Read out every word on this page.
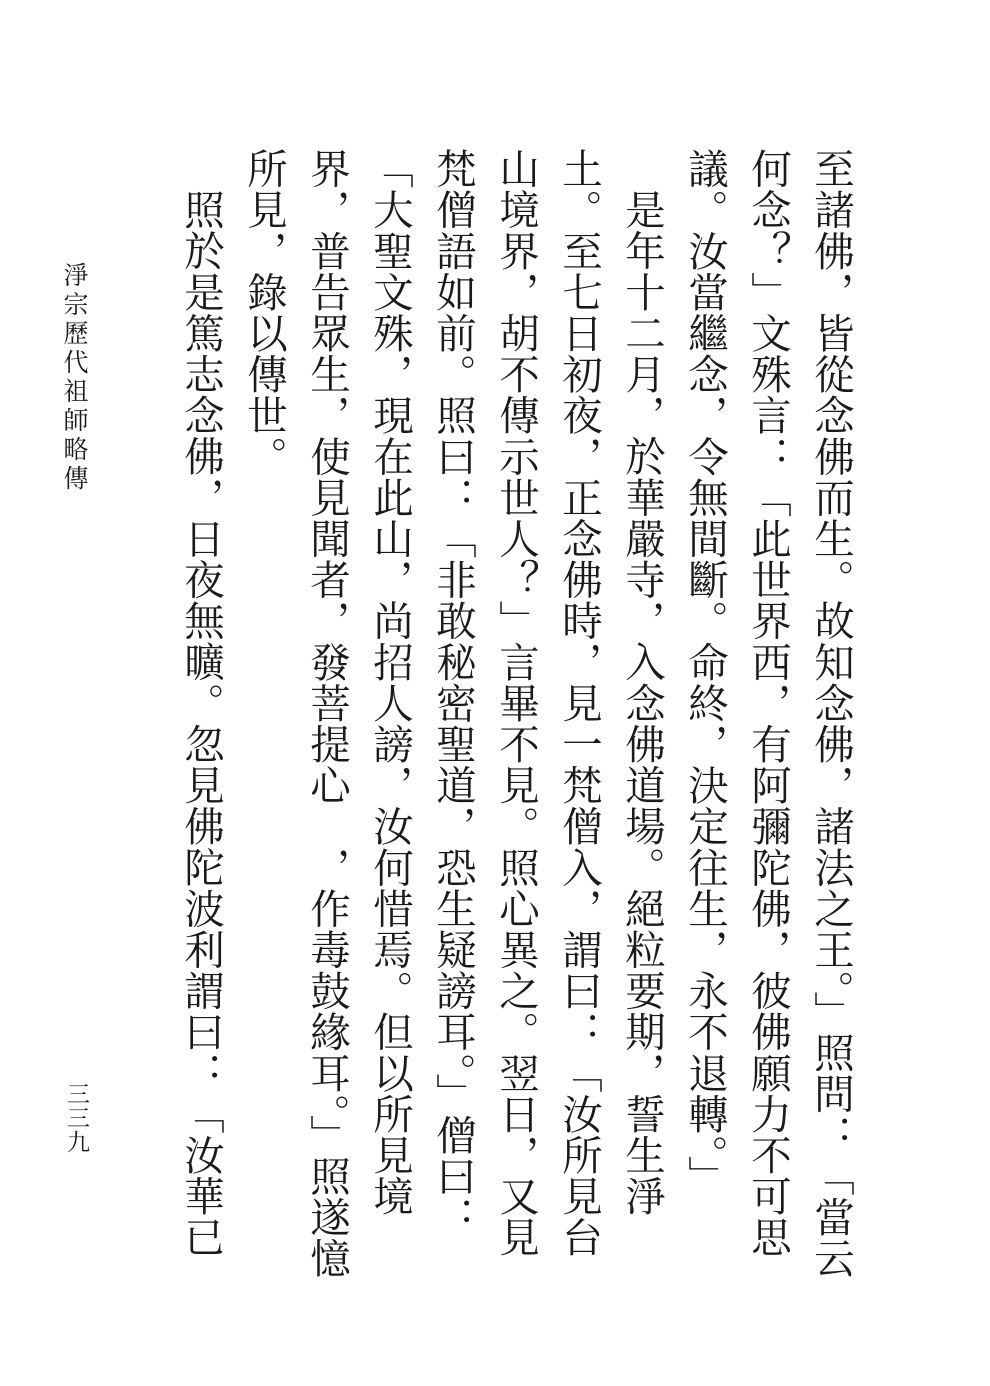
至諸佛，皆從念佛而生。故知念佛，諸法之王。」照問：「當云何念？」文殊言：「此世界西，有阿彌陀佛，彼佛願力不可思議。汝當繼念，令無間斷。命終，決定往生，永不退轉。」

是年十二月，於華嚴寺，入念佛道場。絕粒要期，誓生淨土。至七日初夜，正念佛時，見一梵僧入，謂曰：「汝所見台山境界，胡不傳示世人？」言畢不見。照心異之。翌日，又見梵僧語如前。照曰：「非敢秘密聖道，恐生疑謗耳。」僧曰：「大聖文殊，現在此山，尚招人謗，汝何惜焉。但以所見境界，普告眾生，使見聞者，發菩提心　，作毒鼓緣耳。」照遂憶所見，錄以傳世。

照於是篤志念佛，日夜無曠。忽見佛陀波利謂曰：「汝華已

淨宗歷代祖師略傳
三三九
